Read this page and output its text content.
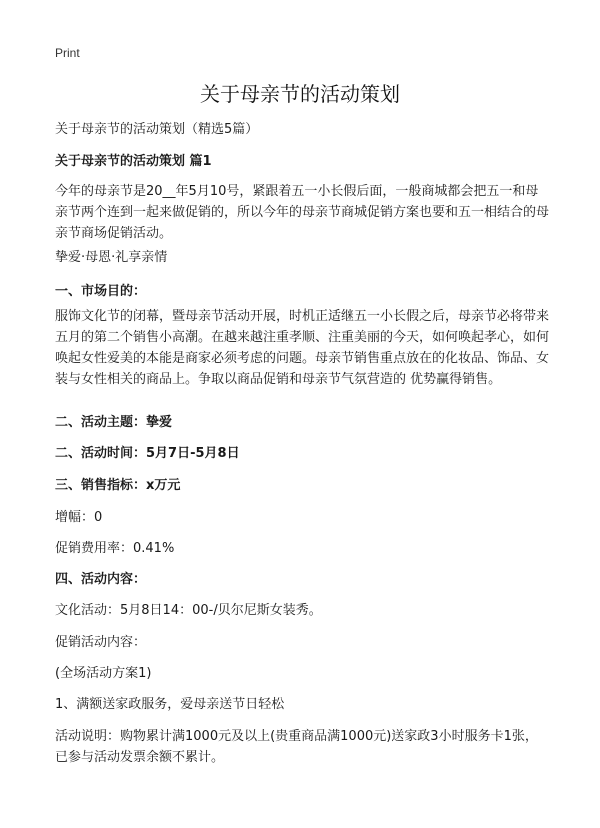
Print
关于母亲节的活动策划

关于母亲节的活动策划（精选5篇）

关于母亲节的活动策划 篇1

今年的母亲节是20__年5月10号，紧跟着五一小长假后面，一般商城都会把五一和母亲节两个连到一起来做促销的，所以今年的母亲节商城促销方案也要和五一相结合的母亲节商场促销活动。

挚爱·母恩·礼享亲情

一、市场目的：

服饰文化节的闭幕，暨母亲节活动开展，时机正适继五一小长假之后，母亲节必将带来五月的第二个销售小高潮。在越来越注重孝顺、注重美丽的今天，如何唤起孝心，如何唤起女性爱美的本能是商家必须考虑的问题。母亲节销售重点放在的化妆品、饰品、女装与女性相关的商品上。争取以商品促销和母亲节气氛营造的 优势赢得销售。

二、活动主题：挚爱

二、活动时间：5月7日-5月8日

三、销售指标：x万元

增幅：0

促销费用率：0.41%

四、活动内容：

文化活动：5月8日14：00-/贝尔尼斯女装秀。

促销活动内容：

(全场活动方案1)

1、满额送家政服务，爱母亲送节日轻松

活动说明：购物累计满1000元及以上(贵重商品满1000元)送家政3小时服务卡1张，已参与活动发票余额不累计。
